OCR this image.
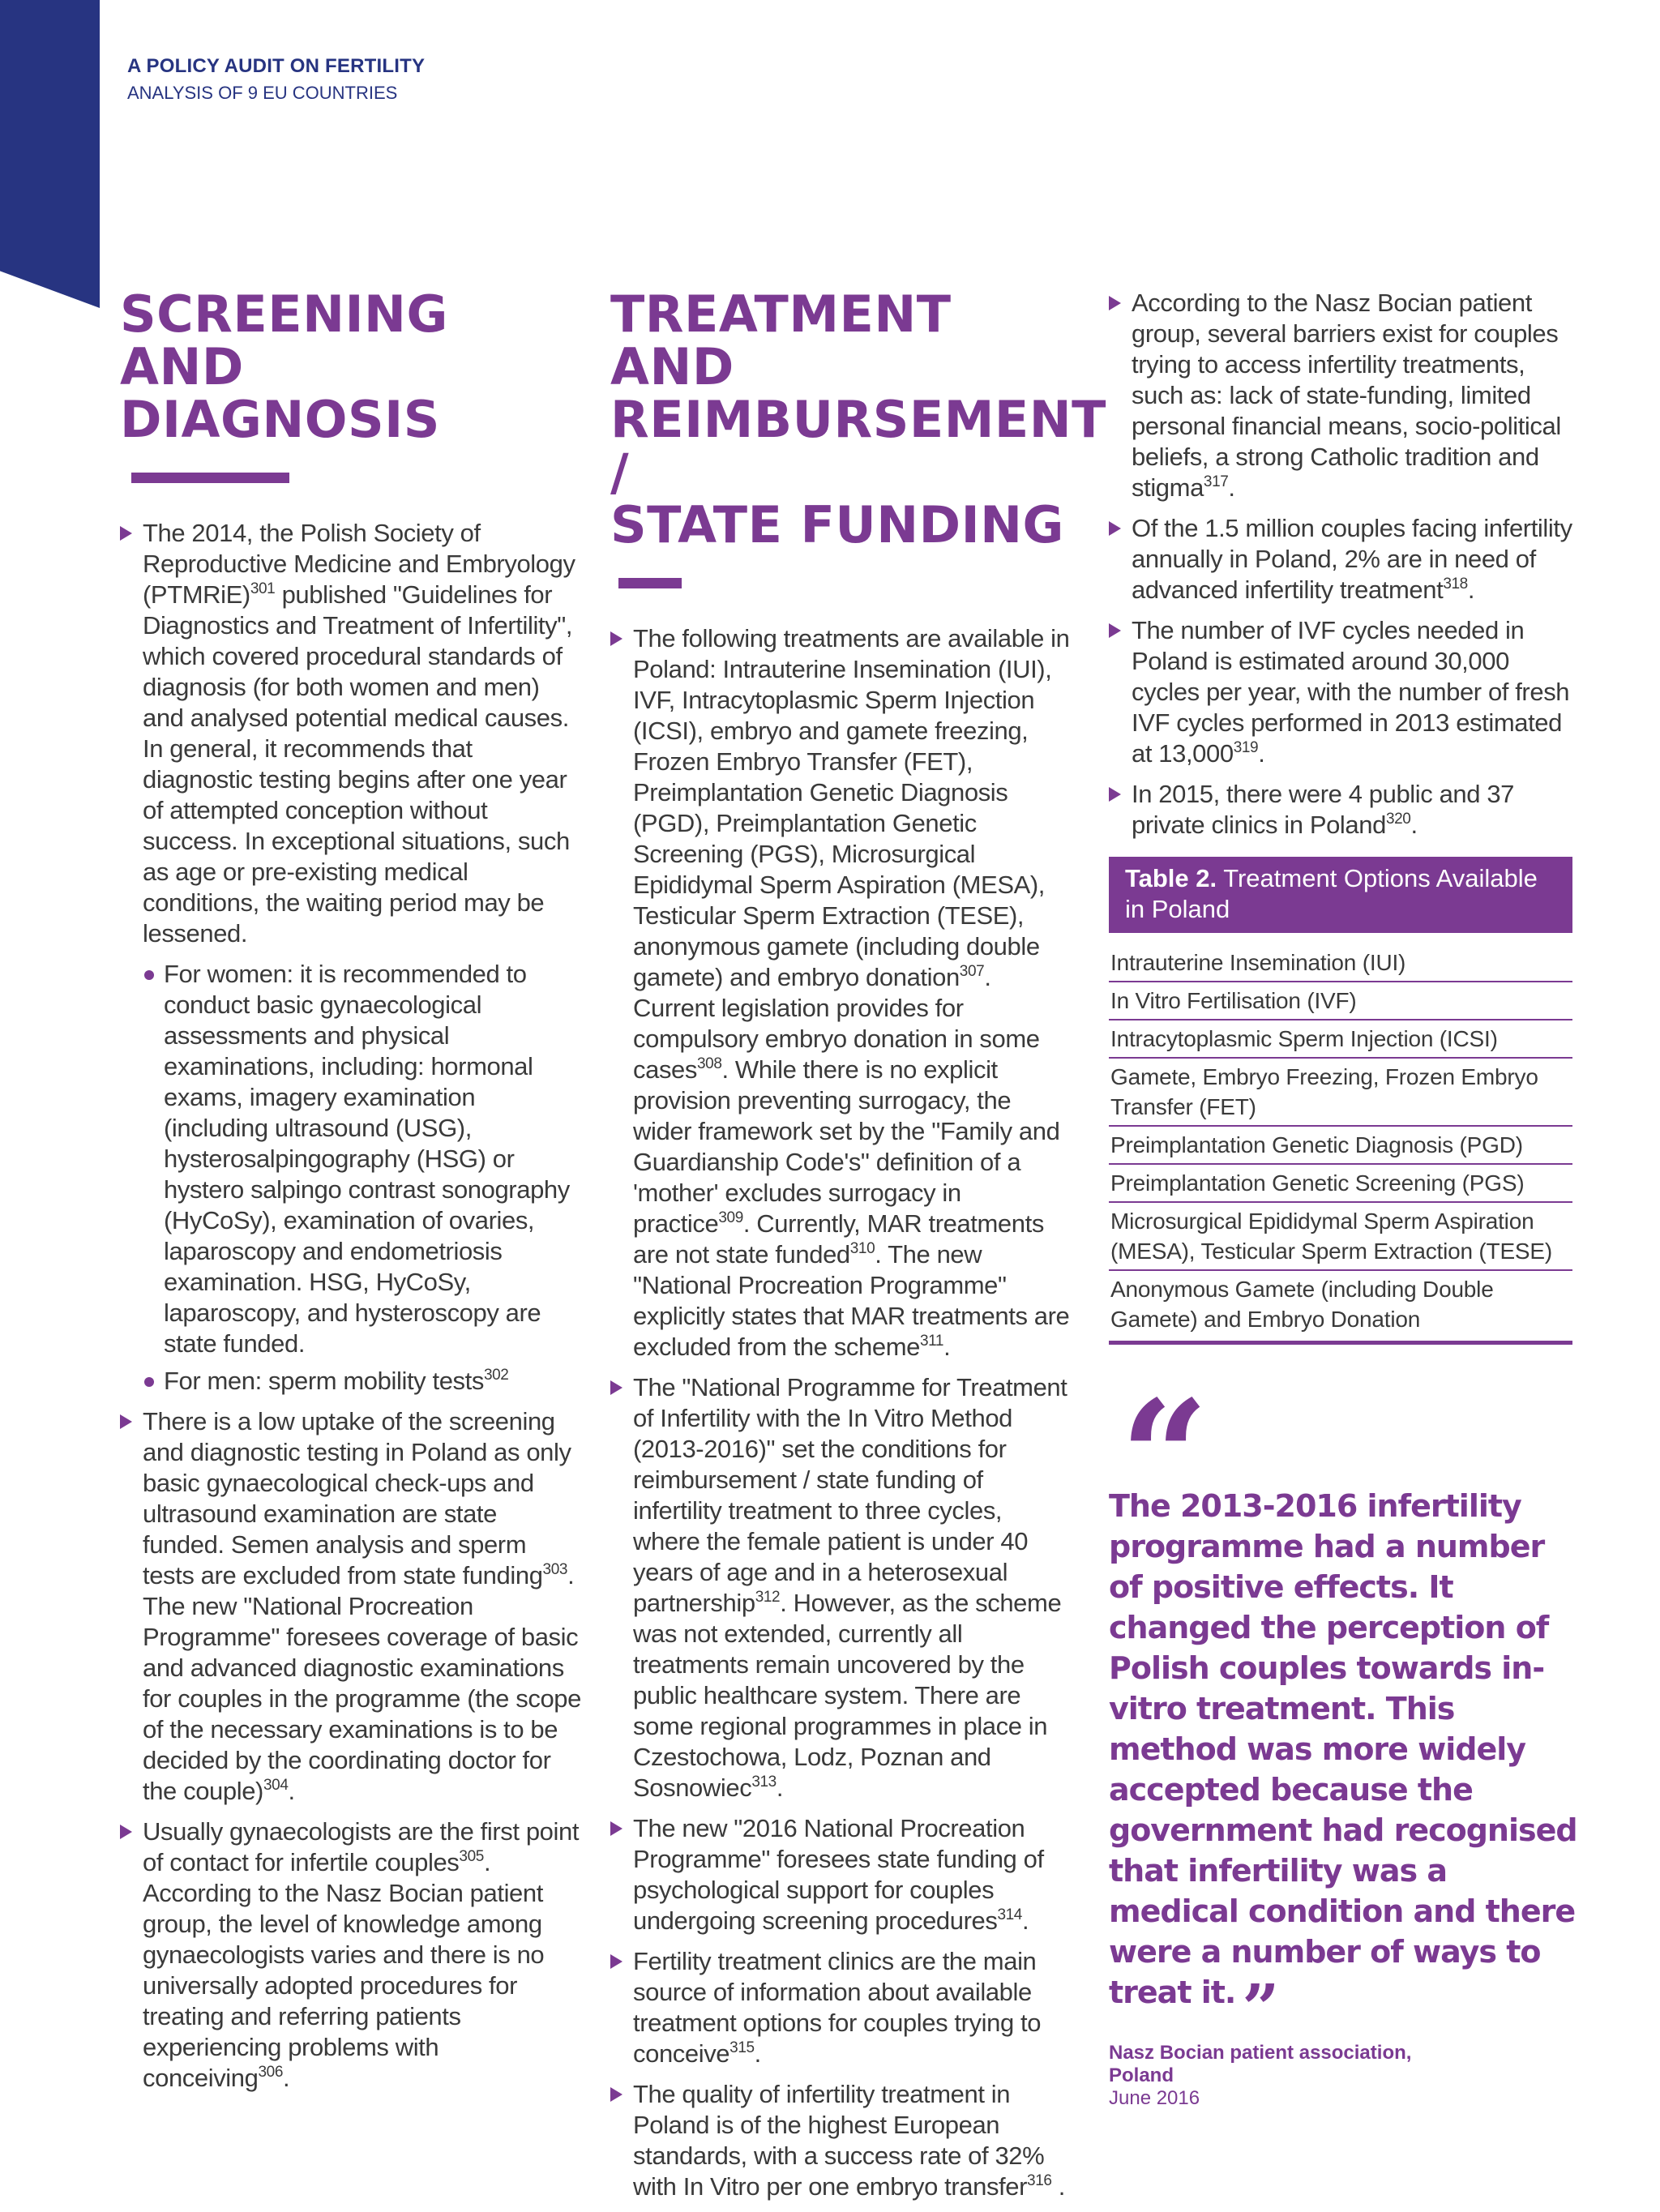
A POLICY AUDIT ON FERTILITY
ANALYSIS OF 9 EU COUNTRIES
SCREENING AND
DIAGNOSIS
The 2014, the Polish Society of Reproductive Medicine and Embryology (PTMRiE)$^{301}$ published "Guidelines for Diagnostics and Treatment of Infertility", which covered procedural standards of diagnosis (for both women and men) and analysed potential medical causes. In general, it recommends that diagnostic testing begins after one year of attempted conception without success. In exceptional situations, such as age or pre-existing medical conditions, the waiting period may be lessened.
For women: it is recommended to conduct basic gynaecological assessments and physical examinations, including: hormonal exams, imagery examination (including ultrasound (USG), hysterosalpingography (HSG) or hystero salpingo contrast sonography (HyCoSy), examination of ovaries, laparoscopy and endometriosis examination. HSG, HyCoSy, laparoscopy, and hysteroscopy are state funded.
For men: sperm mobility tests$^{302}$
There is a low uptake of the screening and diagnostic testing in Poland as only basic gynaecological check-ups and ultrasound examination are state funded. Semen analysis and sperm tests are excluded from state funding$^{303}$. The new "National Procreation Programme" foresees coverage of basic and advanced diagnostic examinations for couples in the programme (the scope of the necessary examinations is to be decided by the coordinating doctor for the couple)$^{304}$.
Usually gynaecologists are the first point of contact for infertile couples$^{305}$. According to the Nasz Bocian patient group, the level of knowledge among gynaecologists varies and there is no universally adopted procedures for treating and referring patients experiencing problems with conceiving$^{306}$.
TREATMENT AND
REIMBURSEMENT /
STATE FUNDING
The following treatments are available in Poland: Intrauterine Insemination (IUI), IVF, Intracytoplasmic Sperm Injection (ICSI), embryo and gamete freezing, Frozen Embryo Transfer (FET), Preimplantation Genetic Diagnosis (PGD), Preimplantation Genetic Screening (PGS), Microsurgical Epididymal Sperm Aspiration (MESA), Testicular Sperm Extraction (TESE), anonymous gamete (including double gamete) and embryo donation$^{307}$. Current legislation provides for compulsory embryo donation in some cases$^{308}$. While there is no explicit provision preventing surrogacy, the wider framework set by the "Family and Guardianship Code's" definition of a 'mother' excludes surrogacy in practice$^{309}$. Currently, MAR treatments are not state funded$^{310}$. The new "National Procreation Programme" explicitly states that MAR treatments are excluded from the scheme$^{311}$.
The "National Programme for Treatment of Infertility with the In Vitro Method (2013-2016)" set the conditions for reimbursement / state funding of infertility treatment to three cycles, where the female patient is under 40 years of age and in a heterosexual partnership$^{312}$. However, as the scheme was not extended, currently all treatments remain uncovered by the public healthcare system. There are some regional programmes in place in Czestochowa, Lodz, Poznan and Sosnowiec$^{313}$.
The new "2016 National Procreation Programme" foresees state funding of psychological support for couples undergoing screening procedures$^{314}$.
Fertility treatment clinics are the main source of information about available treatment options for couples trying to conceive$^{315}$.
The quality of infertility treatment in Poland is of the highest European standards, with a success rate of 32% with In Vitro per one embryo transfer$^{316}$ .
According to the Nasz Bocian patient group, several barriers exist for couples trying to access infertility treatments, such as: lack of state-funding, limited personal financial means, socio-political beliefs, a strong Catholic tradition and stigma$^{317}$.
Of the 1.5 million couples facing infertility annually in Poland, 2% are in need of advanced infertility treatment$^{318}$.
The number of IVF cycles needed in Poland is estimated around 30,000 cycles per year, with the number of fresh IVF cycles performed in 2013 estimated at 13,000$^{319}$.
In 2015, there were 4 public and 37 private clinics in Poland$^{320}$.
Table 2. Treatment Options Available in Poland
Intrauterine Insemination (IUI)
In Vitro Fertilisation (IVF)
Intracytoplasmic Sperm Injection (ICSI)
Gamete, Embryo Freezing, Frozen Embryo Transfer (FET)
Preimplantation Genetic Diagnosis (PGD)
Preimplantation Genetic Screening (PGS)
Microsurgical Epididymal Sperm Aspiration (MESA), Testicular Sperm Extraction (TESE)
Anonymous Gamete (including Double Gamete) and Embryo Donation
“

The 2013-2016 infertility programme had a number of positive effects. It changed the perception of Polish couples towards in-vitro treatment. This method was more widely accepted because the government had recognised that infertility was a medical condition and there were a number of ways to treat it. ”

Nasz Bocian patient association,
Poland
June 2016
